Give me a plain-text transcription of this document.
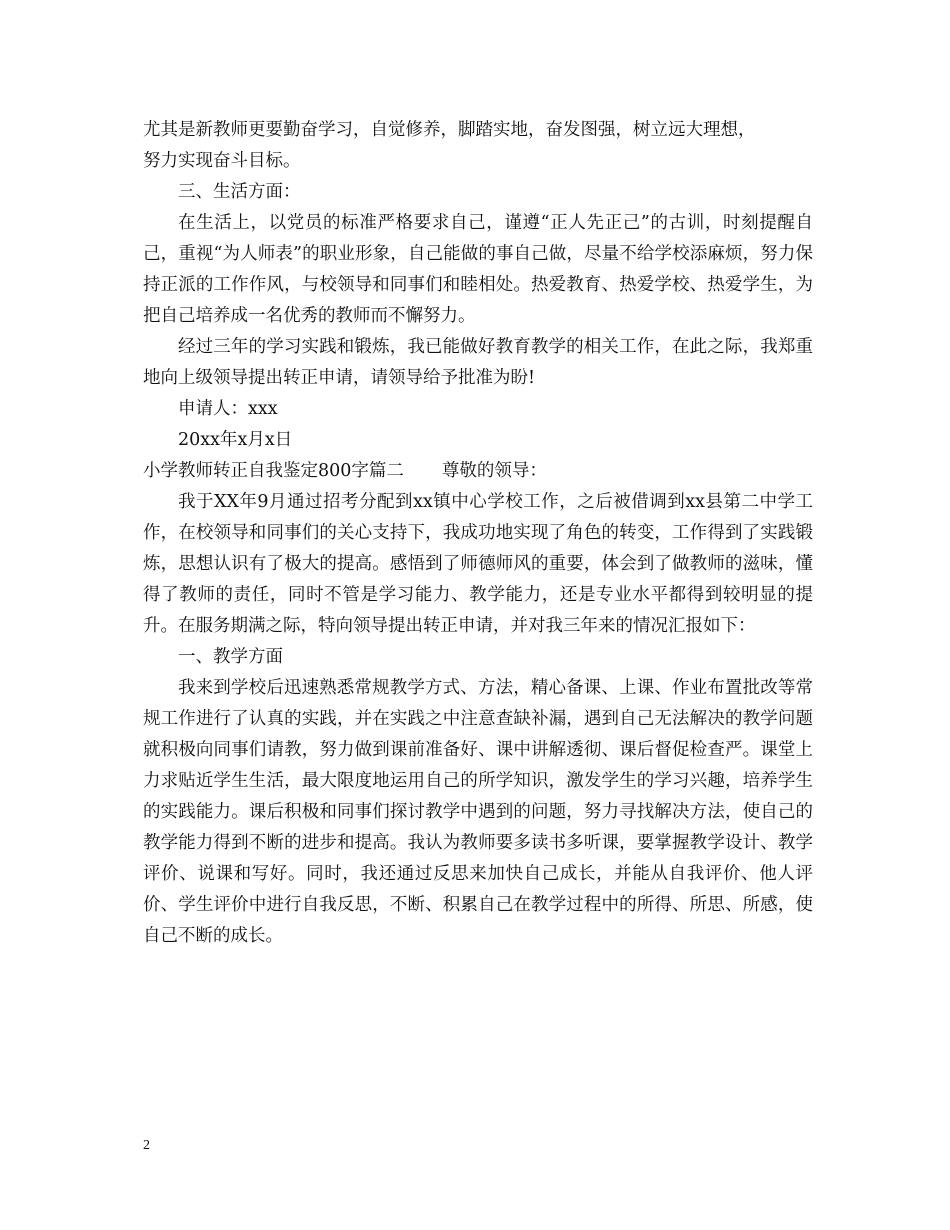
尤其是新教师更要勤奋学习，自觉修养，脚踏实地，奋发图强，树立远大理想，
努力实现奋斗目标。
三、生活方面：

在生活上，以党员的标准严格要求自己，谨遵“正人先正己”的古训，时刻提醒自己，重视“为人师表”的职业形象，自己能做的事自己做，尽量不给学校添麻烦，努力保持正派的工作作风，与校领导和同事们和睦相处。热爱教育、热爱学校、热爱学生，为把自己培养成一名优秀的教师而不懈努力。

经过三年的学习实践和锻炼，我已能做好教育教学的相关工作，在此之际，我郑重地向上级领导提出转正申请，请领导给予批准为盼!

申请人：xxx
20xx年x月x日
小学教师转正自我鉴定800字篇二 尊敬的领导：

我于XX年9月通过招考分配到xx镇中心学校工作，之后被借调到xx县第二中学工作，在校领导和同事们的关心支持下，我成功地实现了角色的转变，工作得到了实践锻炼，思想认识有了极大的提高。感悟到了师德师风的重要，体会到了做教师的滋味，懂得了教师的责任，同时不管是学习能力、教学能力，还是专业水平都得到较明显的提升。在服务期满之际，特向领导提出转正申请，并对我三年来的情况汇报如下：

一、教学方面

我来到学校后迅速熟悉常规教学方式、方法，精心备课、上课、作业布置批改等常规工作进行了认真的实践，并在实践之中注意查缺补漏，遇到自己无法解决的教学问题就积极向同事们请教，努力做到课前准备好、课中讲解透彻、课后督促检查严。课堂上力求贴近学生生活，最大限度地运用自己的所学知识，激发学生的学习兴趣，培养学生的实践能力。课后积极和同事们探讨教学中遇到的问题，努力寻找解决方法，使自己的教学能力得到不断的进步和提高。我认为教师要多读书多听课，要掌握教学设计、教学评价、说课和写好。同时，我还通过反思来加快自己成长，并能从自我评价、他人评价、学生评价中进行自我反思，不断、积累自己在教学过程中的所得、所思、所感，使自己不断的成长。

2
